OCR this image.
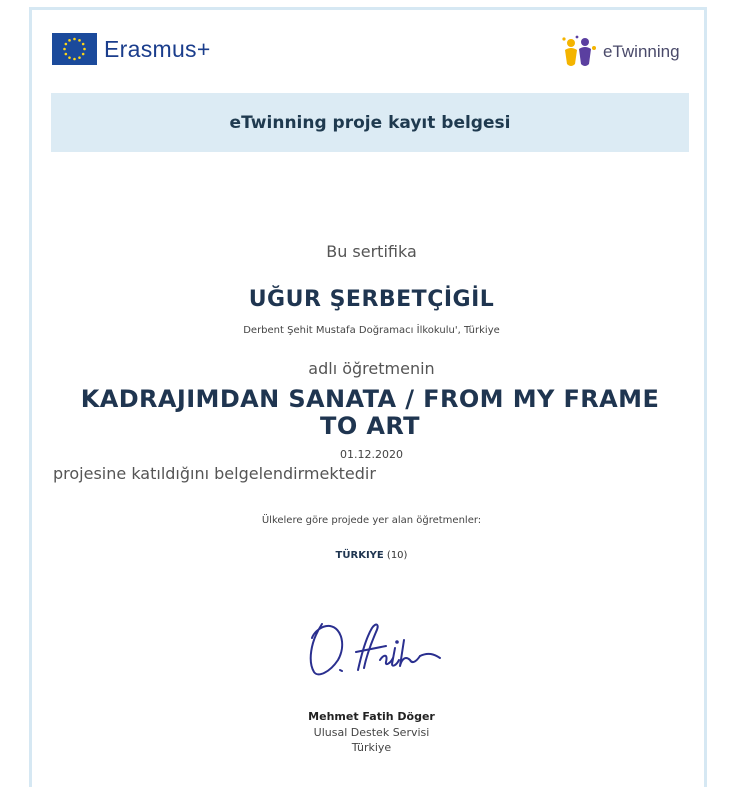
Erasmus+	eTwinning
eTwinning proje kayıt belgesi
Bu sertifika
UĞUR ŞERBETÇİGİL
Derbent Şehit Mustafa Doğramacı İlkokulu', Türkiye
adlı öğretmenin
KADRAJIMDAN SANATA / FROM MY FRAME TO ART
01.12.2020
projesine katıldığını belgelendirmektedir
Ülkelere göre projede yer alan öğretmenler:
TÜRKIYE (10)
Mehmet Fatih Döger
Ulusal Destek Servisi
Türkiye
